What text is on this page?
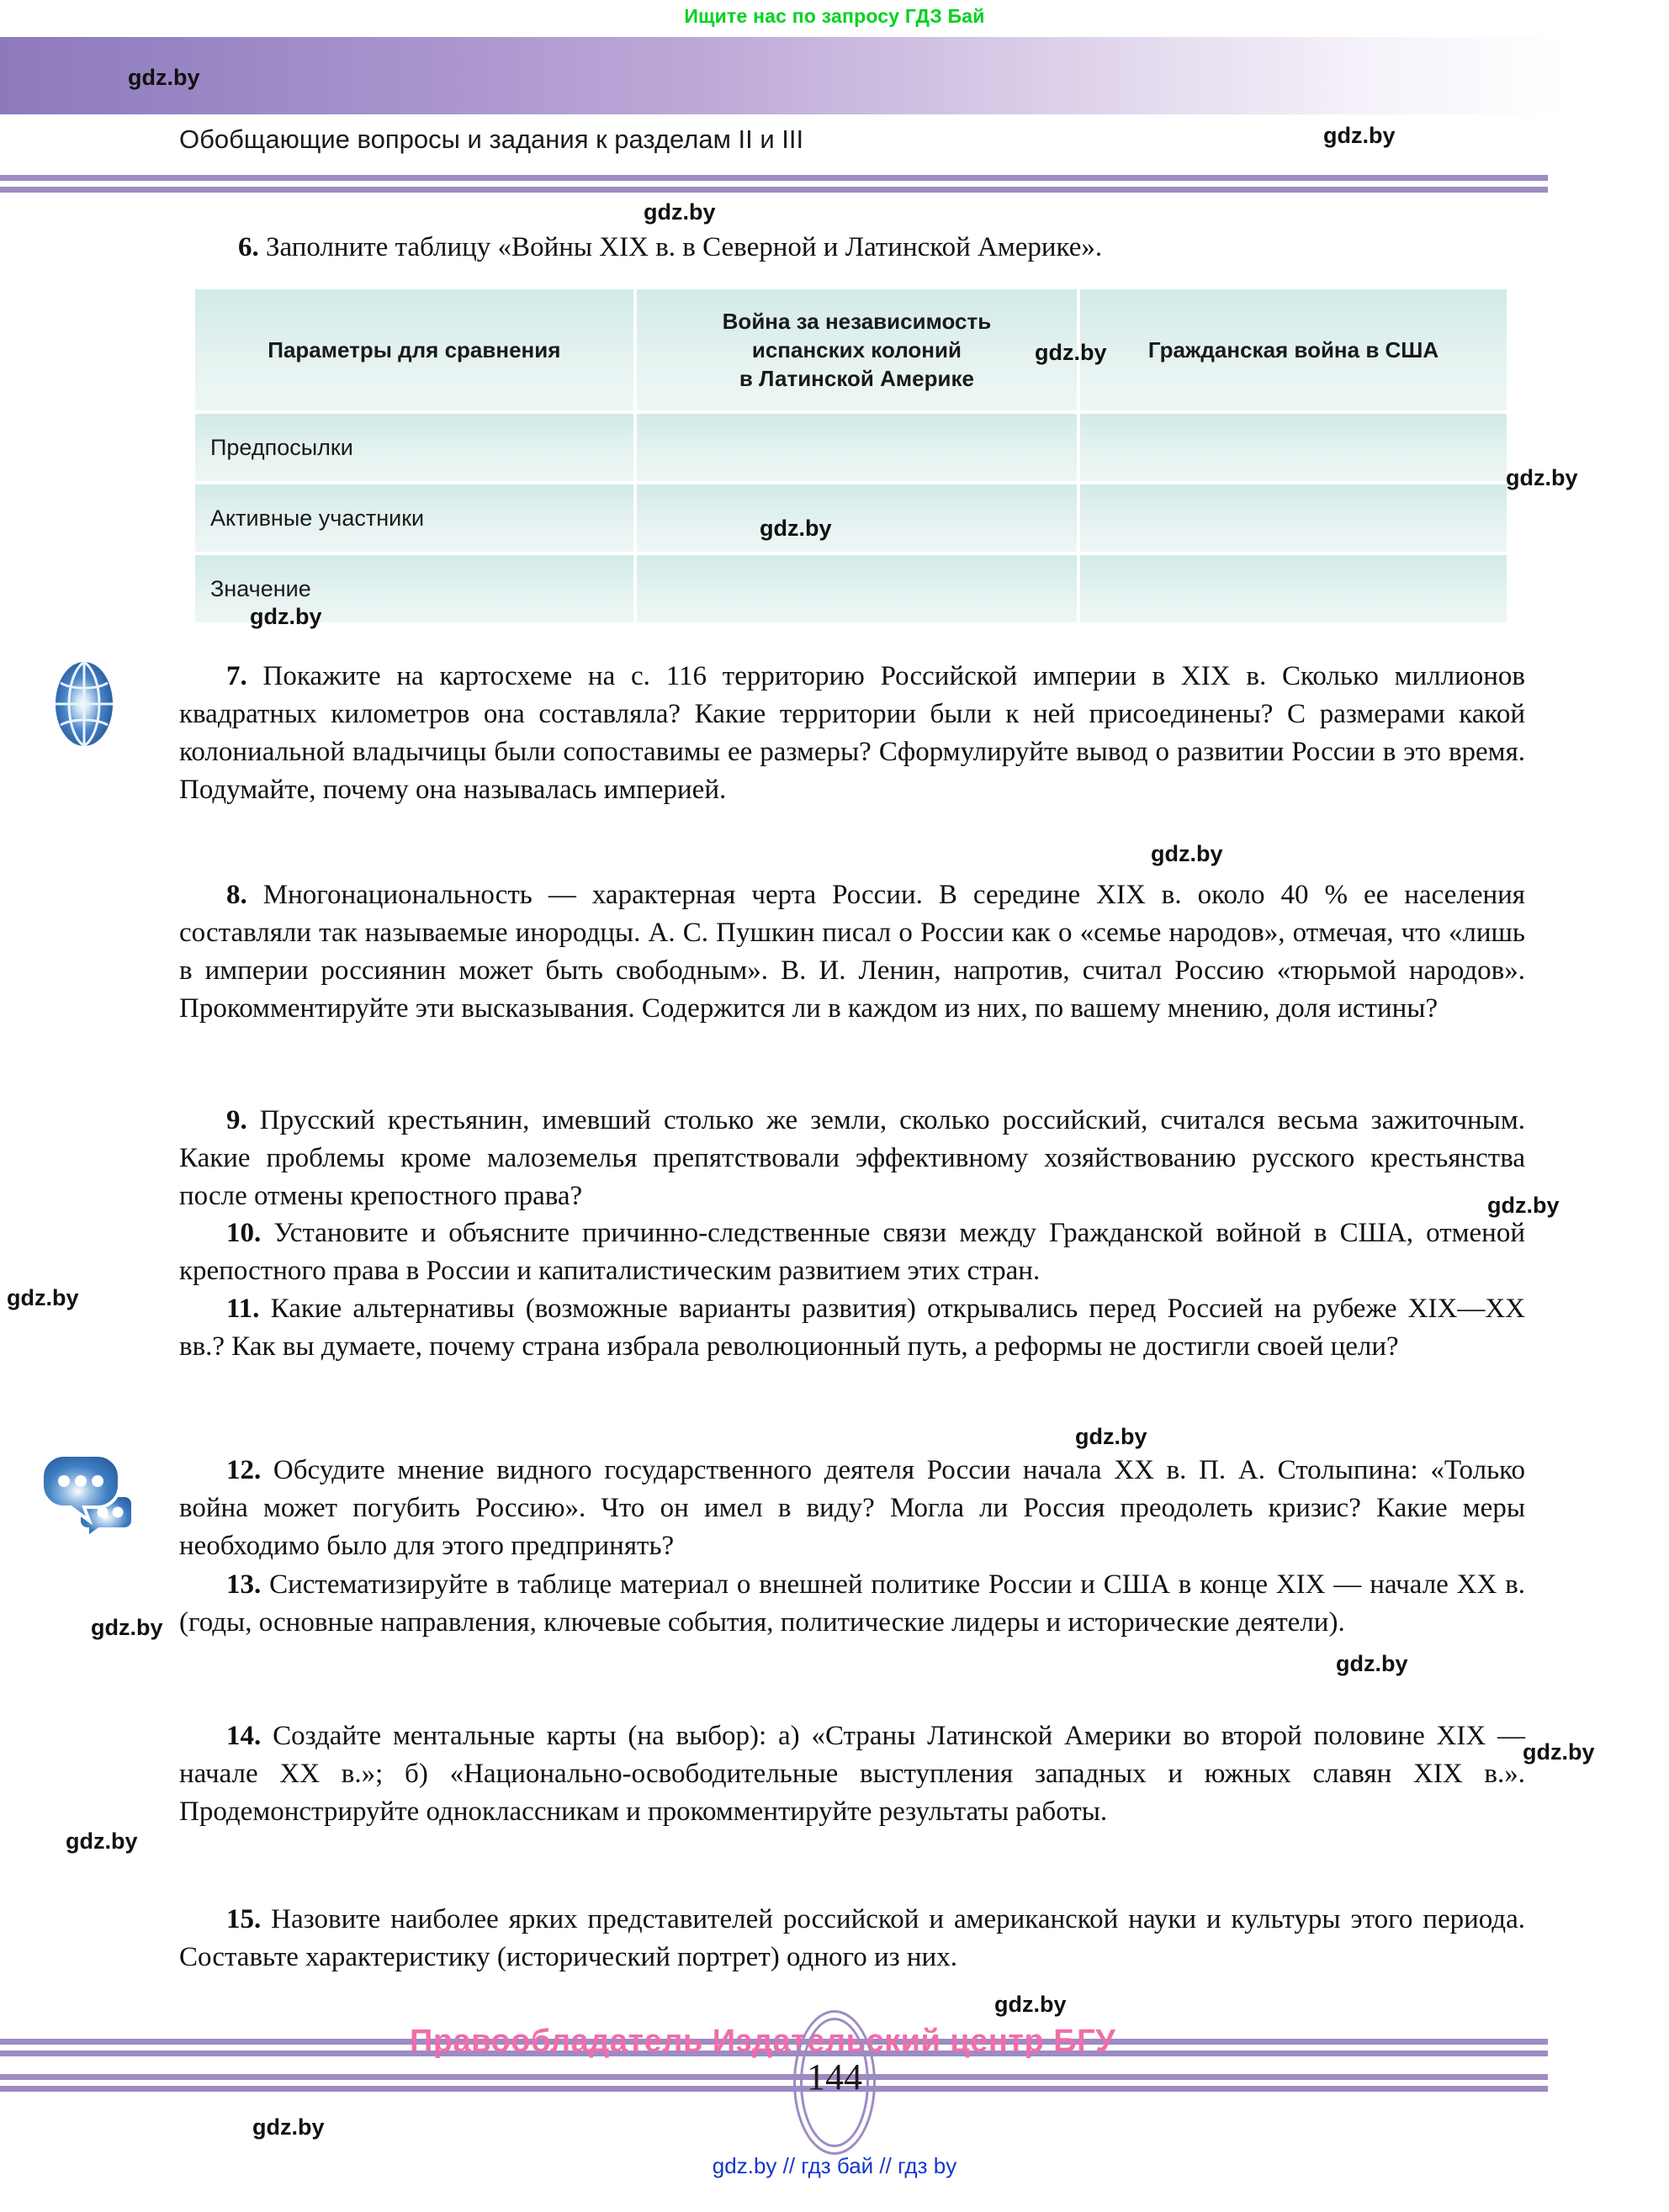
Ищите нас по запросу ГДЗ Бай
gdz.by
gdz.by
Обобщающие вопросы и задания к разделам II и III
gdz.by
6. Заполните таблицу «Войны XIX в. в Северной и Латинской Америке».
Параметры для сравнения	Война за независимость
испанских колоний
в Латинской Америке	Гражданская война в США
Предпосылки		
Активные участники		
Значение		
gdz.by
gdz.by
gdz.by
gdz.by
7. Покажите на картосхеме на с. 116 территорию Российской империи в XIX в. Сколько миллионов квадратных километров она составляла? Какие территории были к ней присоединены? С размерами какой колониальной владычицы были сопоставимы ее размеры? Сформулируйте вывод о развитии России в это время. Подумайте, почему она называлась империей.
gdz.by
8. Многонациональность — характерная черта России. В середине XIX в. около 40 % ее населения составляли так называемые инородцы. А. С. Пушкин писал о России как о «семье народов», отмечая, что «лишь в империи россиянин может быть свободным». В. И. Ленин, напротив, считал Россию «тюрьмой народов». Прокомментируйте эти высказывания. Содержится ли в каждом из них, по вашему мнению, доля истины?
9. Прусский крестьянин, имевший столько же земли, сколько российский, считался весьма зажиточным. Какие проблемы кроме малоземелья препятствовали эффективному хозяйствованию русского крестьянства после отмены крепостного права?	gdz.by
10. Установите и объясните причинно-следственные связи между Гражданской войной в США, отменой крепостного права в России и капиталистическим развитием этих стран.
gdz.by	11. Какие альтернативы (возможные варианты развития) открывались перед Россией на рубеже XIX—XX вв.? Как вы думаете, почему страна избрала революционный путь, а реформы не достигли своей цели?
gdz.by
12. Обсудите мнение видного государственного деятеля России начала XX в. П. А. Столыпина: «Только война может погубить Россию». Что он имел в виду? Могла ли Россия преодолеть кризис? Какие меры необходимо было для этого предпринять?
13. Систематизируйте в таблице материал о внешней политике России и США в конце XIX — начале XX в. (годы, основные направления, ключевые события, политические лидеры и исторические деятели).
gdz.by
gdz.by
14. Создайте ментальные карты (на выбор): а) «Страны Латинской Америки во второй половине XIX — начале XX в.»; б) «Национально-освободительные выступления западных и южных славян XIX в.». Продемонстрируйте одноклассникам и прокомментируйте результаты работы.
gdz.by
gdz.by
15. Назовите наиболее ярких представителей российской и американской науки и культуры этого периода. Составьте характеристику (исторический портрет) одного из них.
gdz.by
Правообладатель Издательский центр БГУ
144
gdz.by
gdz.by // гдз бай // гдз by
